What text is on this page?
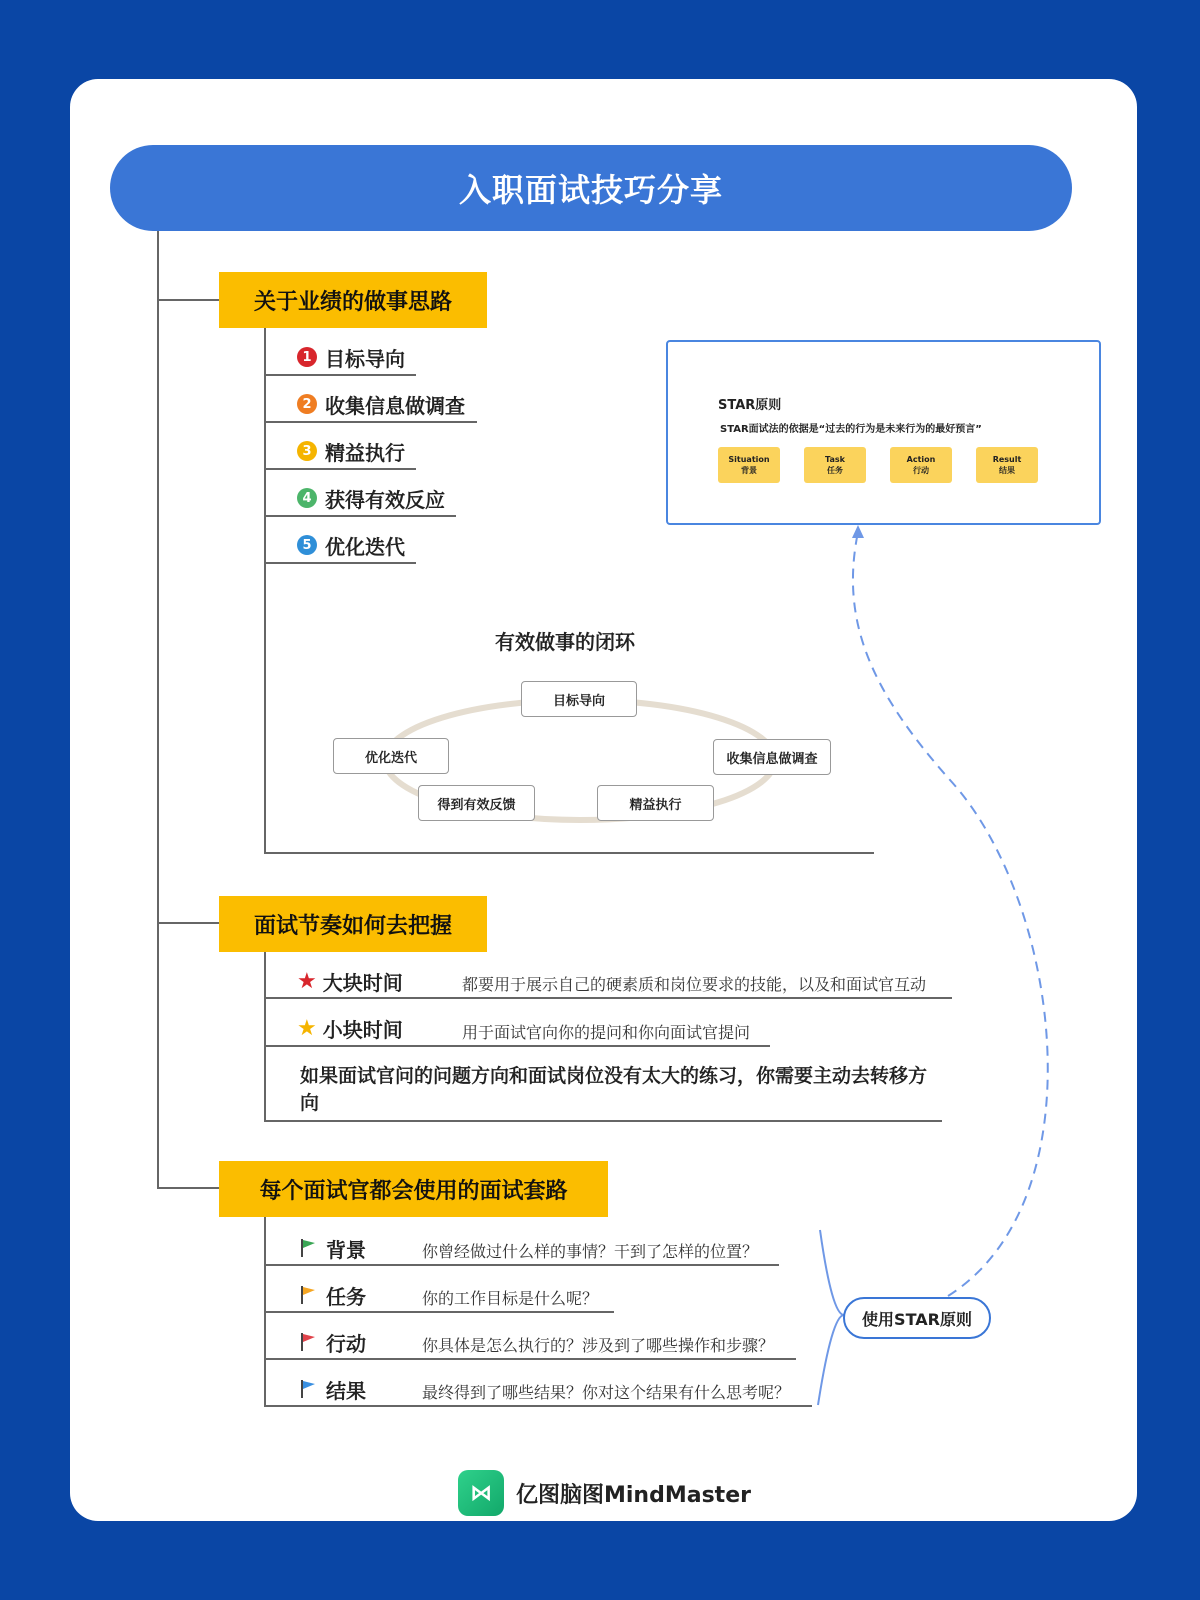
入职面试技巧分享
关于业绩的做事思路
1 目标导向
2 收集信息做调查
3 精益执行
4 获得有效反应
5 优化迭代
有效做事的闭环
目标导向
收集信息做调查
精益执行
得到有效反馈
优化迭代
STAR原则
STAR面试法的依据是“过去的行为是未来行为的最好预言”
Situation
背景
Task
任务
Action
行动
Result
结果
面试节奏如何去把握
★ 大块时间	都要用于展示自己的硬素质和岗位要求的技能，以及和面试官互动
★ 小块时间	用于面试官向你的提问和你向面试官提问
如果面试官问的问题方向和面试岗位没有太大的练习，你需要主动去转移方向
每个面试官都会使用的面试套路
背景	你曾经做过什么样的事情？干到了怎样的位置？
任务	你的工作目标是什么呢？
行动	你具体是怎么执行的？涉及到了哪些操作和步骤？
结果	最终得到了哪些结果？你对这个结果有什么思考呢？
使用STAR原则
⋈	亿图脑图MindMaster
